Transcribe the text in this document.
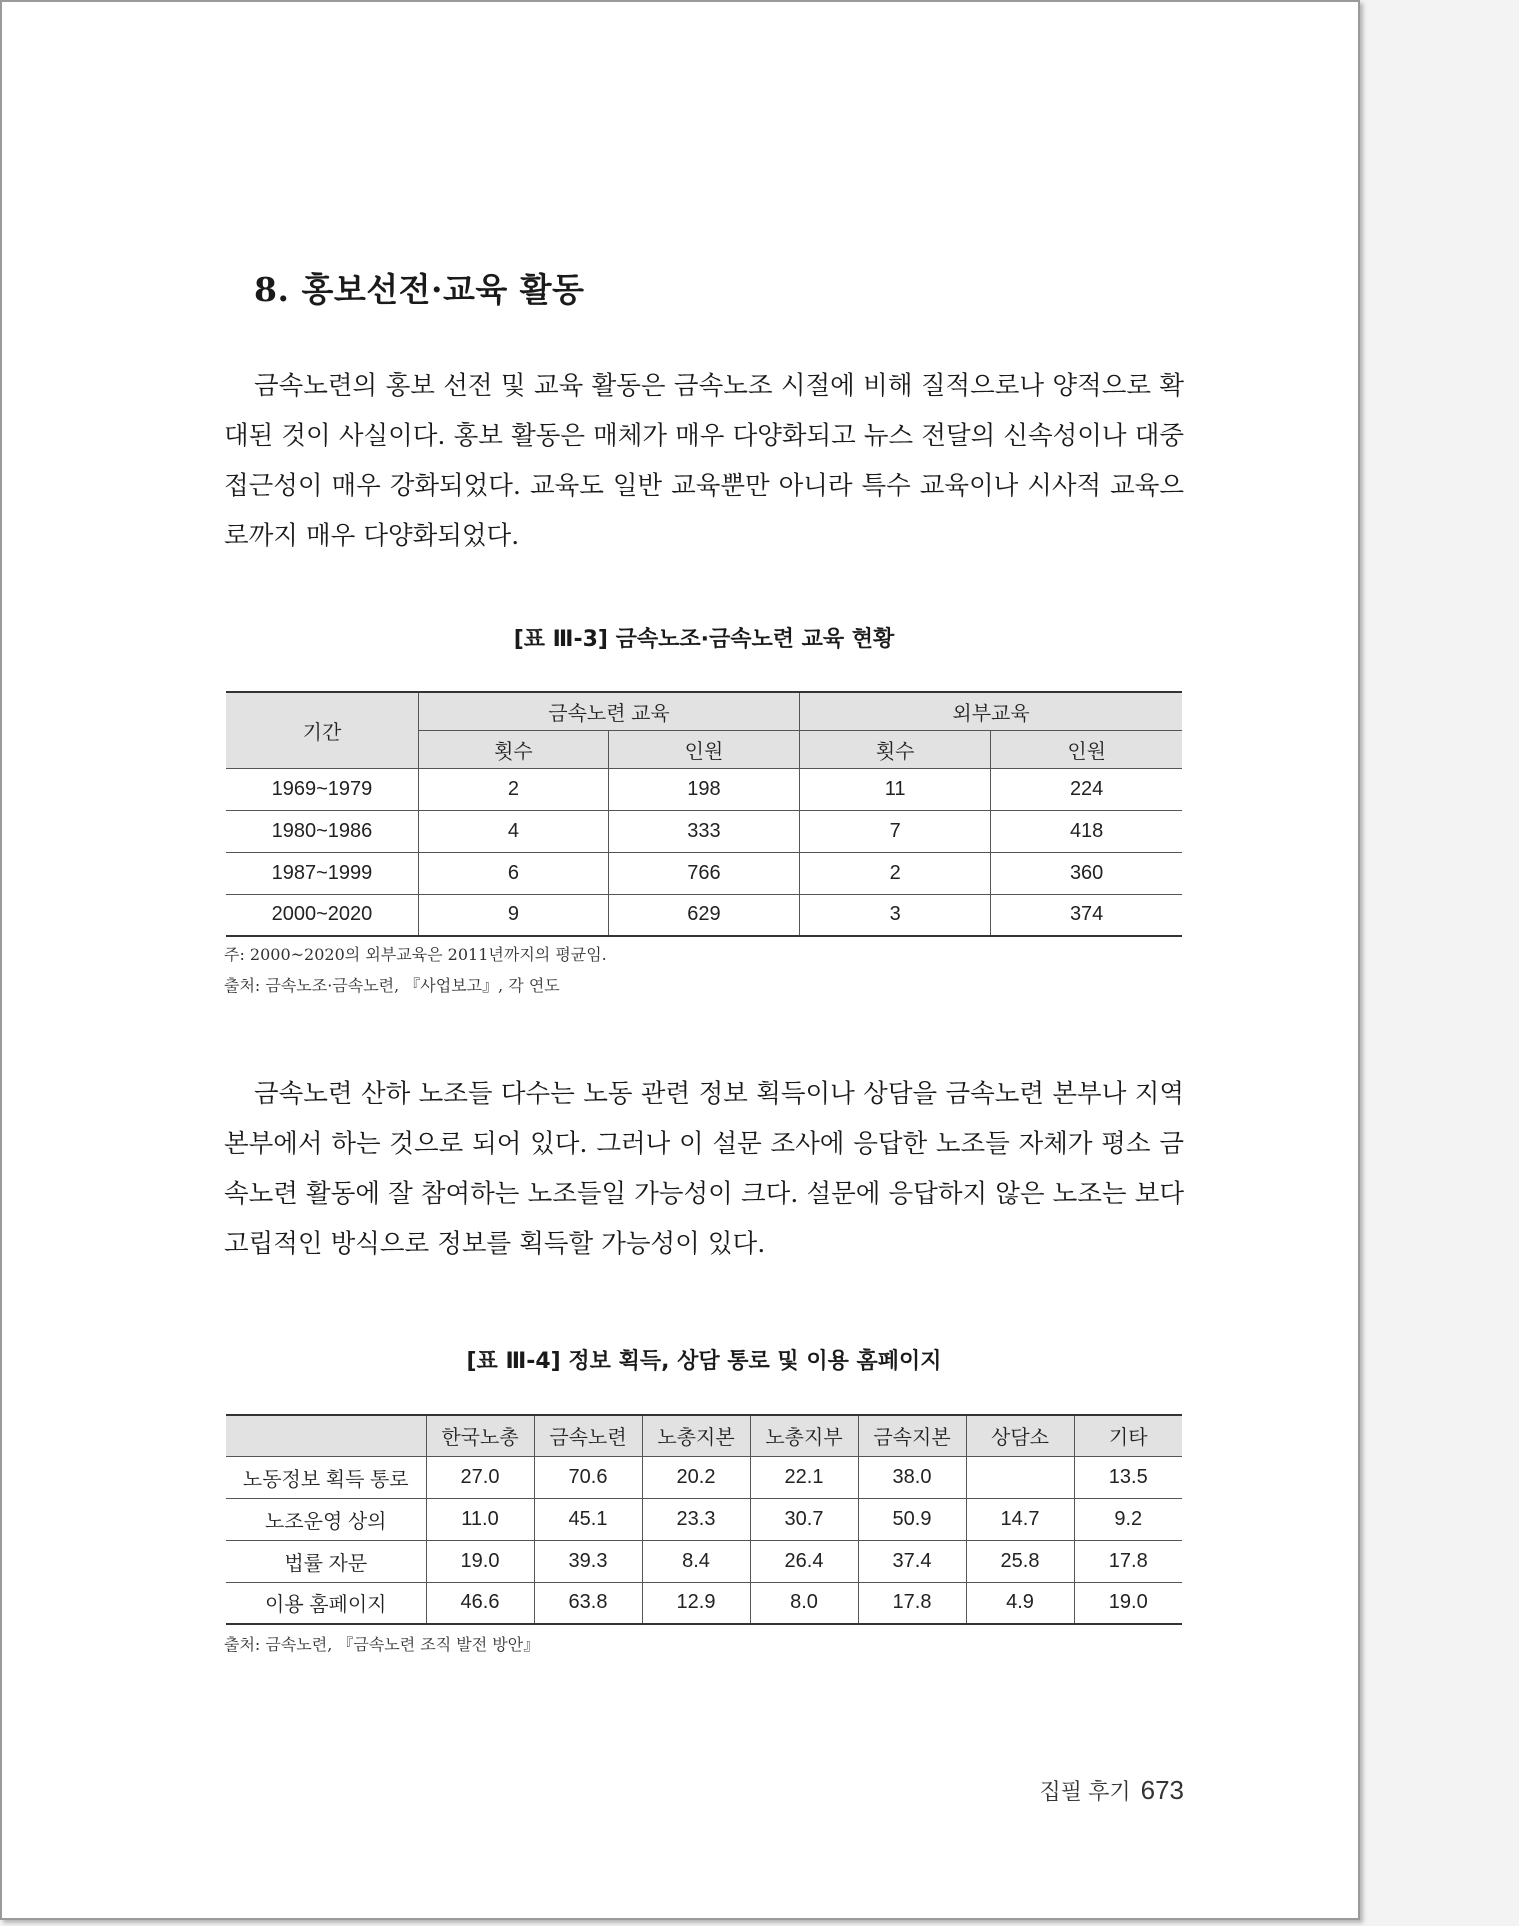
8. 홍보선전·교육 활동

금속노련의 홍보 선전 및 교육 활동은 금속노조 시절에 비해 질적으로나 양적으로 확대된 것이 사실이다. 홍보 활동은 매체가 매우 다양화되고 뉴스 전달의 신속성이나 대중 접근성이 매우 강화되었다. 교육도 일반 교육뿐만 아니라 특수 교육이나 시사적 교육으로까지 매우 다양화되었다.

[표 Ⅲ-3] 금속노조·금속노련 교육 현황

기간	금속노련 교육		외부교육	
	횟수	인원	횟수	인원
1969~1979	2	198	11	224
1980~1986	4	333	7	418
1987~1999	6	766	2	360
2000~2020	9	629	3	374

주: 2000~2020의 외부교육은 2011년까지의 평균임.

출처: 금속노조·금속노련, 『사업보고』, 각 연도

금속노련 산하 노조들 다수는 노동 관련 정보 획득이나 상담을 금속노련 본부나 지역본부에서 하는 것으로 되어 있다. 그러나 이 설문 조사에 응답한 노조들 자체가 평소 금속노련 활동에 잘 참여하는 노조들일 가능성이 크다. 설문에 응답하지 않은 노조는 보다 고립적인 방식으로 정보를 획득할 가능성이 있다.

[표 Ⅲ-4] 정보 획득, 상담 통로 및 이용 홈페이지

	한국노총	금속노련	노총지본	노총지부	금속지본	상담소	기타
노동정보 획득 통로	27.0	70.6	20.2	22.1	38.0		13.5
노조운영 상의	11.0	45.1	23.3	30.7	50.9	14.7	9.2
법률 자문	19.0	39.3	8.4	26.4	37.4	25.8	17.8
이용 홈페이지	46.6	63.8	12.9	8.0	17.8	4.9	19.0

출처: 금속노련, 『금속노련 조직 발전 방안』

집필 후기 673
